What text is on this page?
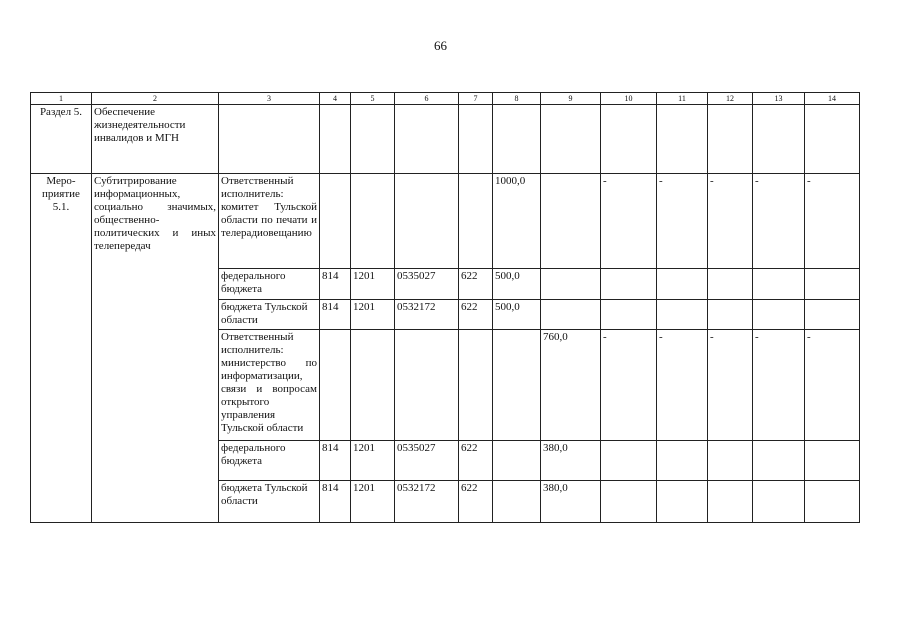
66
1	2	3	4	5	6	7	8	9	10	11	12	13	14
Раздел 5.	Обеспечение
жизнедеятельности
инвалидов и МГН												
Меро-
приятие
5.1.	Субтитрирование информационных, социально значимых, общественно-политических и иных телепередач	Ответственный исполнитель: комитет Тульской области по печати и телерадиовещанию					1000,0		-	-	-	-	-
		федерального бюджета	814	1201	0535027	622	500,0						
		бюджета Тульской области	814	1201	0532172	622	500,0						
		Ответственный исполнитель: министерство по информатизации, связи и вопросам открытого управления Тульской области						760,0	-	-	-	-	-
		федерального бюджета	814	1201	0535027	622		380,0					
		бюджета Тульской области	814	1201	0532172	622		380,0					
